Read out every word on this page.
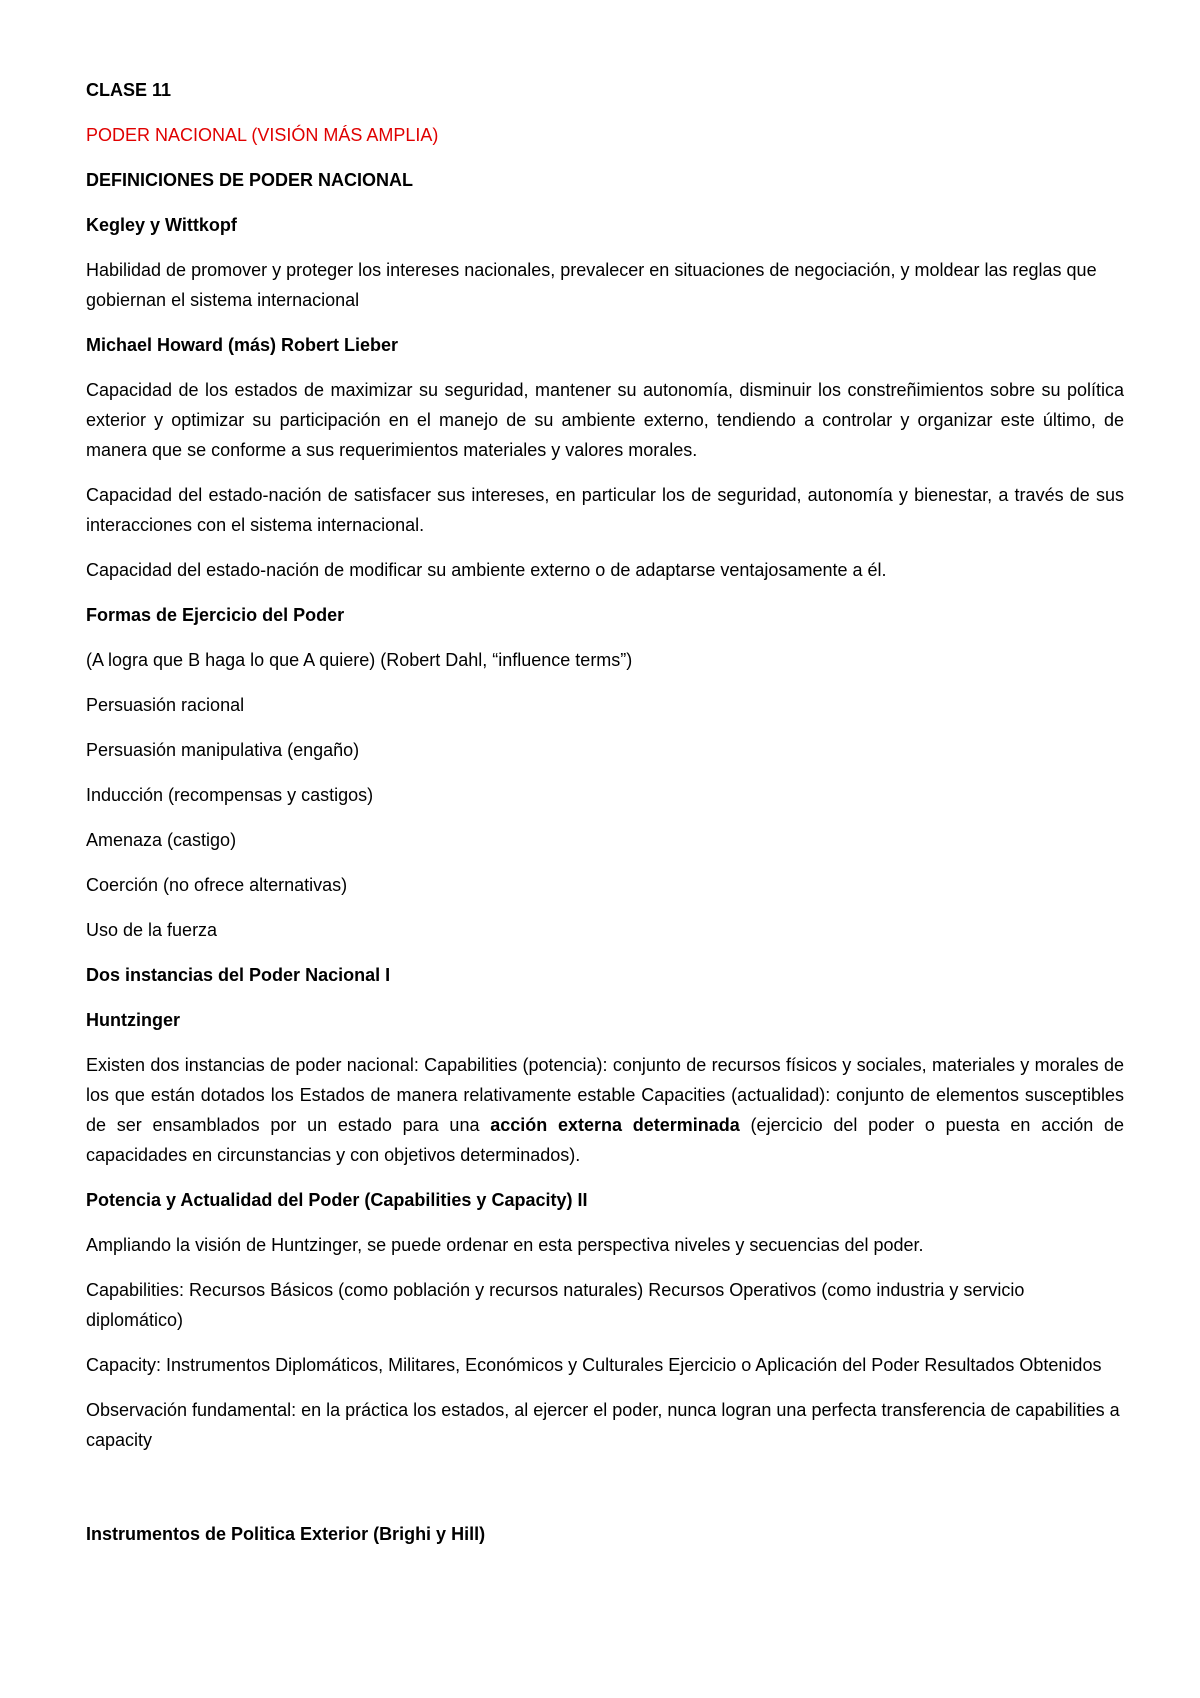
CLASE 11

PODER NACIONAL (VISIÓN MÁS AMPLIA)

DEFINICIONES DE PODER NACIONAL

Kegley y Wittkopf

Habilidad de promover y proteger los intereses nacionales, prevalecer en situaciones de negociación, y moldear las reglas que gobiernan el sistema internacional

Michael Howard (más) Robert Lieber

Capacidad de los estados de maximizar su seguridad, mantener su autonomía, disminuir los constreñimientos sobre su política exterior y optimizar su participación en el manejo de su ambiente externo, tendiendo a controlar y organizar este último, de manera que se conforme a sus requerimientos materiales y valores morales.

Capacidad del estado-nación de satisfacer sus intereses, en particular los de seguridad, autonomía y bienestar, a través de sus interacciones con el sistema internacional.

Capacidad del estado-nación de modificar su ambiente externo o de adaptarse ventajosamente a él.

Formas de Ejercicio del Poder

(A logra que B haga lo que A quiere) (Robert Dahl, “influence terms”)

Persuasión racional

Persuasión manipulativa (engaño)

Inducción (recompensas y castigos)

Amenaza (castigo)

Coerción (no ofrece alternativas)

Uso de la fuerza

Dos instancias del Poder Nacional I

Huntzinger

Existen dos instancias de poder nacional: Capabilities (potencia): conjunto de recursos físicos y sociales, materiales y morales de los que están dotados los Estados de manera relativamente estable Capacities (actualidad): conjunto de elementos susceptibles de ser ensamblados por un estado para una acción externa determinada (ejercicio del poder o puesta en acción de capacidades en circunstancias y con objetivos determinados).

Potencia y Actualidad del Poder (Capabilities y Capacity) II

Ampliando la visión de Huntzinger, se puede ordenar en esta perspectiva niveles y secuencias del poder.

Capabilities: Recursos Básicos (como población y recursos naturales) Recursos Operativos (como industria y servicio diplomático)

Capacity: Instrumentos Diplomáticos, Militares, Económicos y Culturales Ejercicio o Aplicación del Poder Resultados Obtenidos

Observación fundamental: en la práctica los estados, al ejercer el poder, nunca logran una perfecta transferencia de capabilities a capacity

Instrumentos de Politica Exterior (Brighi y Hill)
